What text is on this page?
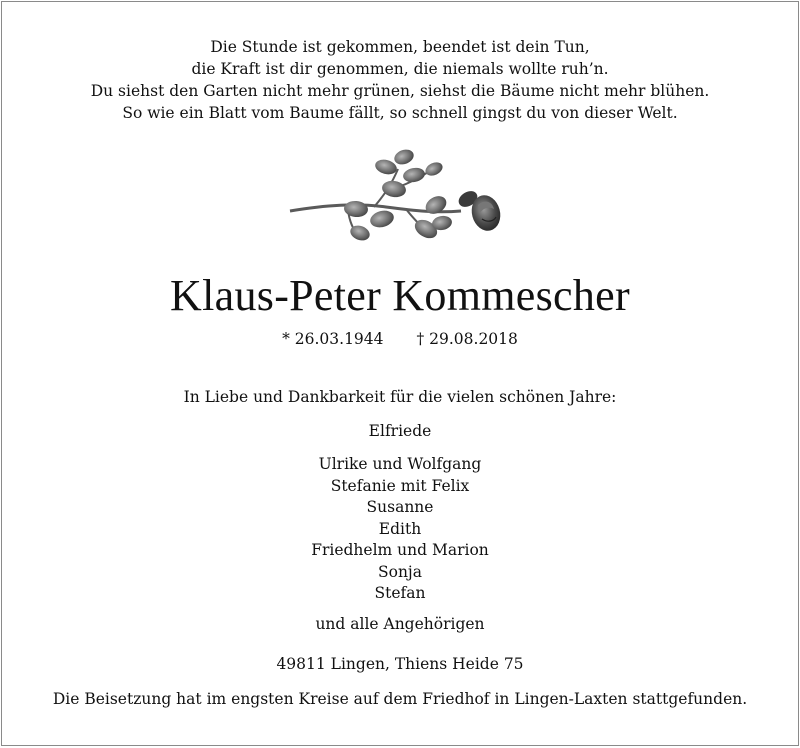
Die Stunde ist gekommen, beendet ist dein Tun,
die Kraft ist dir genommen, die niemals wollte ruh’n.
Du siehst den Garten nicht mehr grünen, siehst die Bäume nicht mehr blühen.
So wie ein Blatt vom Baume fällt, so schnell gingst du von dieser Welt.
Klaus-Peter Kommescher
* 26.03.1944 † 29.08.2018
In Liebe und Dankbarkeit für die vielen schönen Jahre:
Elfriede
Ulrike und Wolfgang
Stefanie mit Felix
Susanne
Edith
Friedhelm und Marion
Sonja
Stefan
und alle Angehörigen
49811 Lingen, Thiens Heide 75
Die Beisetzung hat im engsten Kreise auf dem Friedhof in Lingen-Laxten stattgefunden.
